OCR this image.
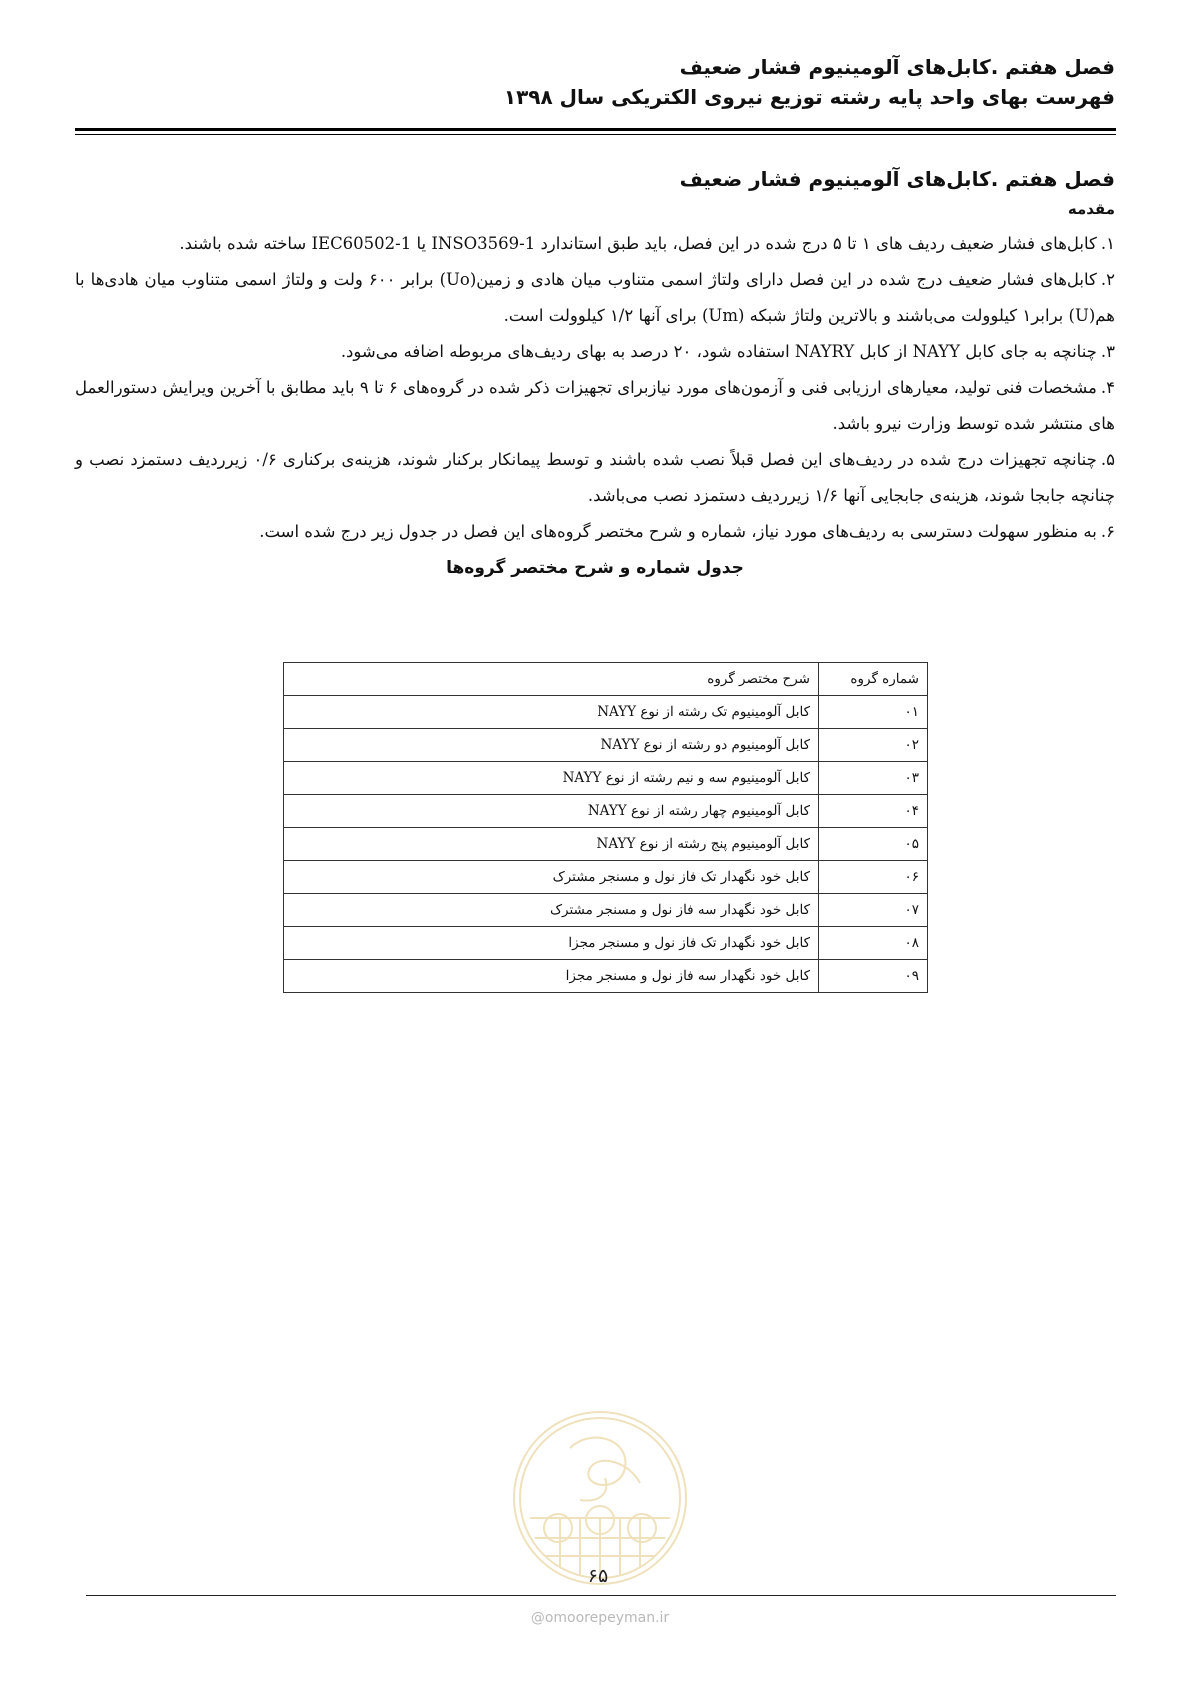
فصل هفتم .کابل‌های آلومینیوم فشار ضعیف
فهرست بهای واحد پایه رشته توزیع نیروی الکتریکی سال ۱۳۹۸
فصل هفتم .کابل‌های آلومینیوم فشار ضعیف
مقدمه

۱.کابل‌های فشار ضعیف ردیف های ۱ تا ۵ درج شده در این فصل، باید طبق استاندارد INSO3569-1 یا IEC60502-1 ساخته شده باشند.

۲.کابل‌های فشار ضعیف درج شده در این فصل دارای ولتاژ اسمی متناوب میان هادی و زمین(Uo) برابر ۶۰۰ ولت و ولتاژ اسمی متناوب میان هادی‌ها با هم(U) برابر۱ کیلوولت می‌باشند و بالاترین ولتاژ شبکه (Um) برای آنها ۱/۲ کیلوولت است.

۳.چنانچه به جای کابل NAYY از کابل NAYRY استفاده شود، ۲۰ درصد به بهای ردیف‌های مربوطه اضافه می‌شود.

۴.مشخصات فنی تولید، معیارهای ارزیابی فنی و آزمون‌های مورد نیازبرای تجهیزات ذکر شده در گروه‌های ۶ تا ۹ باید مطابق با آخرین ویرایش دستورالعمل های منتشر شده توسط وزارت نیرو باشد.

۵.چنانچه تجهیزات درج شده در ردیف‌های این فصل قبلاً نصب شده باشند و توسط پیمانکار برکنار شوند، هزینه‌ی برکناری ۰/۶ زیرردیف دستمزد نصب و چنانچه جابجا شوند، هزینه‌ی جابجایی آنها ۱/۶ زیرردیف دستمزد نصب می‌باشد.

۶.به منظور سهولت دسترسی به ردیف‌های مورد نیاز، شماره و شرح مختصر گروه‌های این فصل در جدول زیر درج شده است.

جدول شماره و شرح مختصر گروه‌ها
شماره گروه	شرح مختصر گروه
۰۱	کابل آلومینیوم تک رشته از نوع NAYY
۰۲	کابل آلومینیوم دو رشته از نوع NAYY
۰۳	کابل آلومینیوم سه و نیم رشته از نوع NAYY
۰۴	کابل آلومینیوم چهار رشته از نوع NAYY
۰۵	کابل آلومینیوم پنج رشته از نوع NAYY
۰۶	کابل خود نگهدار تک فاز نول و مسنجر مشترک
۰۷	کابل خود نگهدار سه فاز نول و مسنجر مشترک
۰۸	کابل خود نگهدار تک فاز نول و مسنجر مجزا
۰۹	کابل خود نگهدار سه فاز نول و مسنجر مجزا
۶۵
@omoorepeyman.ir
